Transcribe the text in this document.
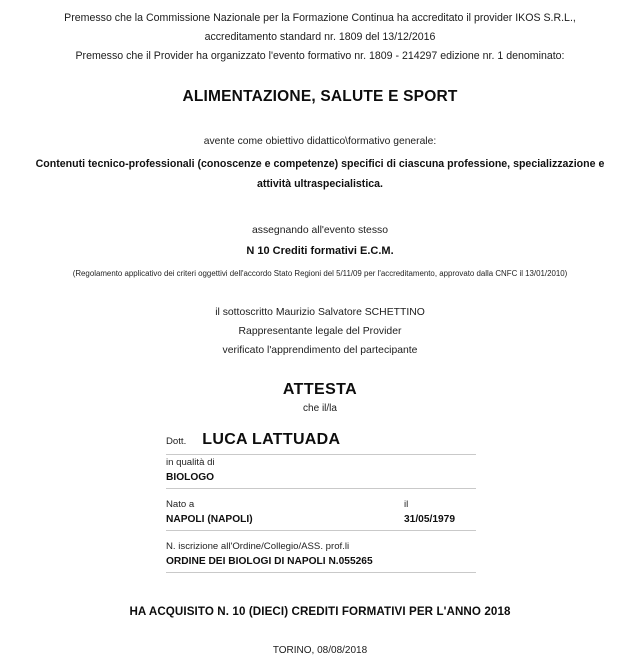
Premesso che la Commissione Nazionale per la Formazione Continua ha accreditato il provider IKOS S.R.L.,
accreditamento standard nr. 1809 del 13/12/2016
Premesso che il Provider ha organizzato l'evento formativo nr. 1809 - 214297 edizione nr. 1 denominato:
ALIMENTAZIONE, SALUTE E SPORT
avente come obiettivo didattico\formativo generale:
Contenuti tecnico-professionali (conoscenze e competenze) specifici di ciascuna professione, specializzazione e attività ultraspecialistica.
assegnando all'evento stesso
N 10 Crediti formativi E.C.M.
(Regolamento applicativo dei criteri oggettivi dell'accordo Stato Regioni del 5/11/09 per l'accreditamento, approvato dalla CNFC il 13/01/2010)
il sottoscritto Maurizio Salvatore SCHETTINO
Rappresentante legale del Provider
verificato l'apprendimento del partecipante
ATTESTA
che il/la
Dott. LUCA LATTUADA
in qualità di
BIOLOGO
Nato a
NAPOLI (NAPOLI)
il
31/05/1979
N. iscrizione all'Ordine/Collegio/ASS. prof.li
ORDINE DEI BIOLOGI DI NAPOLI N.055265
HA ACQUISITO N. 10 (DIECI) CREDITI FORMATIVI PER L'ANNO 2018
TORINO, 08/08/2018
